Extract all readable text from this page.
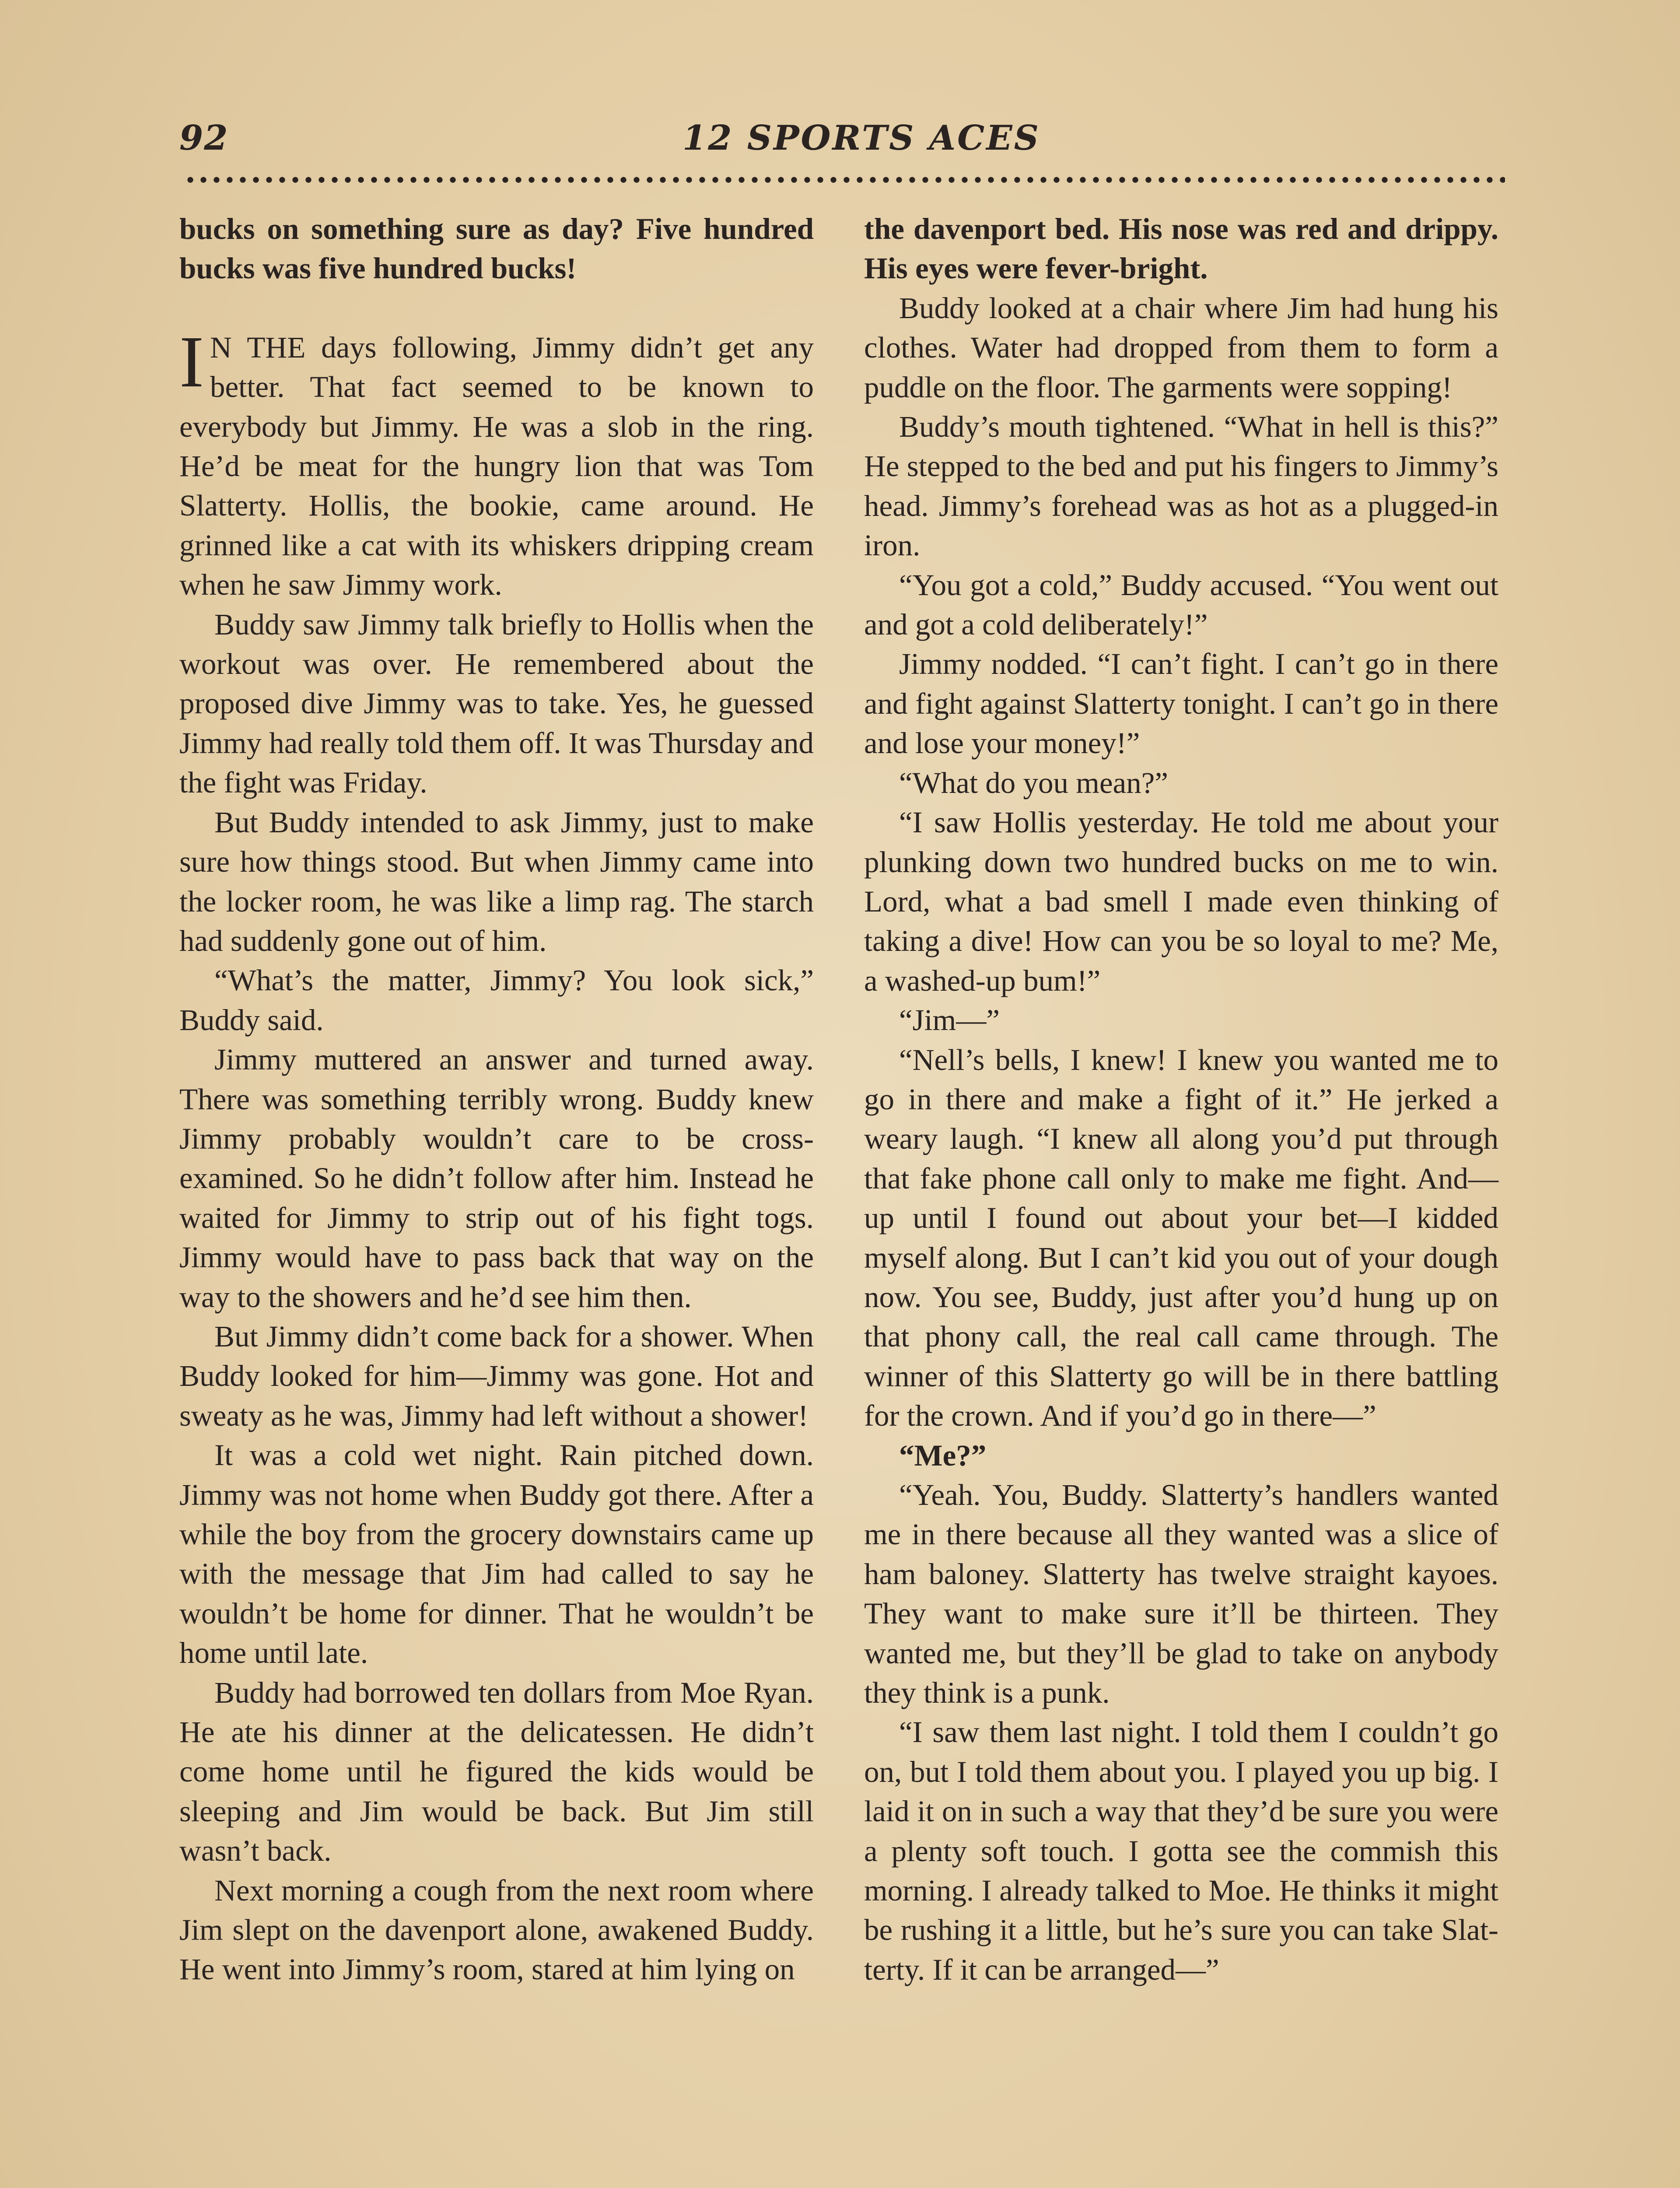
92	12 SPORTS ACES

bucks on something sure as day? Five hundred bucks was five hundred bucks!

I N THE days following, Jimmy didn’t get any better. That fact seemed to be known to everybody but Jimmy. He was a slob in the ring. He’d be meat for the hungry lion that was Tom Slatterty. Hollis, the bookie, came around. He grinned like a cat with its whiskers dripping cream when he saw Jimmy work.

Buddy saw Jimmy talk briefly to Hollis when the workout was over. He remembered about the proposed dive Jimmy was to take. Yes, he guessed Jimmy had really told them off. It was Thursday and the fight was Friday.

But Buddy intended to ask Jimmy, just to make sure how things stood. But when Jimmy came into the locker room, he was like a limp rag. The starch had suddenly gone out of him.

“What’s the matter, Jimmy? You look sick,” Buddy said.

Jimmy muttered an answer and turned away. There was something terribly wrong. Buddy knew Jimmy probably wouldn’t care to be cross-examined. So he didn’t follow after him. Instead he waited for Jimmy to strip out of his fight togs. Jimmy would have to pass back that way on the way to the showers and he’d see him then.

But Jimmy didn’t come back for a shower. When Buddy looked for him—Jimmy was gone. Hot and sweaty as he was, Jimmy had left without a shower!

It was a cold wet night. Rain pitched down. Jimmy was not home when Buddy got there. After a while the boy from the grocery downstairs came up with the message that Jim had called to say he wouldn’t be home for dinner. That he wouldn’t be home until late.

Buddy had borrowed ten dollars from Moe Ryan. He ate his dinner at the delicatessen. He didn’t come home until he figured the kids would be sleeping and Jim would be back. But Jim still wasn’t back.

Next morning a cough from the next room where Jim slept on the davenport alone, awakened Buddy. He went into Jimmy’s room, stared at him lying on

the davenport bed. His nose was red and drippy. His eyes were fever-bright.

Buddy looked at a chair where Jim had hung his clothes. Water had dropped from them to form a puddle on the floor. The garments were sopping!

Buddy’s mouth tightened. “What in hell is this?” He stepped to the bed and put his fingers to Jimmy’s head. Jimmy’s forehead was as hot as a plugged-in iron.

“You got a cold,” Buddy accused. “You went out and got a cold deliberately!”

Jimmy nodded. “I can’t fight. I can’t go in there and fight against Slatterty tonight. I can’t go in there and lose your money!”

“What do you mean?”

“I saw Hollis yesterday. He told me about your plunking down two hundred bucks on me to win. Lord, what a bad smell I made even thinking of taking a dive! How can you be so loyal to me? Me, a washed-up bum!”

“Jim—”

“Nell’s bells, I knew! I knew you wanted me to go in there and make a fight of it.” He jerked a weary laugh. “I knew all along you’d put through that fake phone call only to make me fight. And—up until I found out about your bet—I kidded myself along. But I can’t kid you out of your dough now. You see, Buddy, just after you’d hung up on that phony call, the real call came through. The winner of this Slatterty go will be in there battling for the crown. And if you’d go in there—”

“Me?”

“Yeah. You, Buddy. Slatterty’s handlers wanted me in there because all they wanted was a slice of ham baloney. Slatterty has twelve straight kayoes. They want to make sure it’ll be thirteen. They wanted me, but they’ll be glad to take on anybody they think is a punk.

“I saw them last night. I told them I couldn’t go on, but I told them about you. I played you up big. I laid it on in such a way that they’d be sure you were a plenty soft touch. I gotta see the commish this morning. I already talked to Moe. He thinks it might be rushing it a little, but he’s sure you can take Slatterty. If it can be arranged—”
